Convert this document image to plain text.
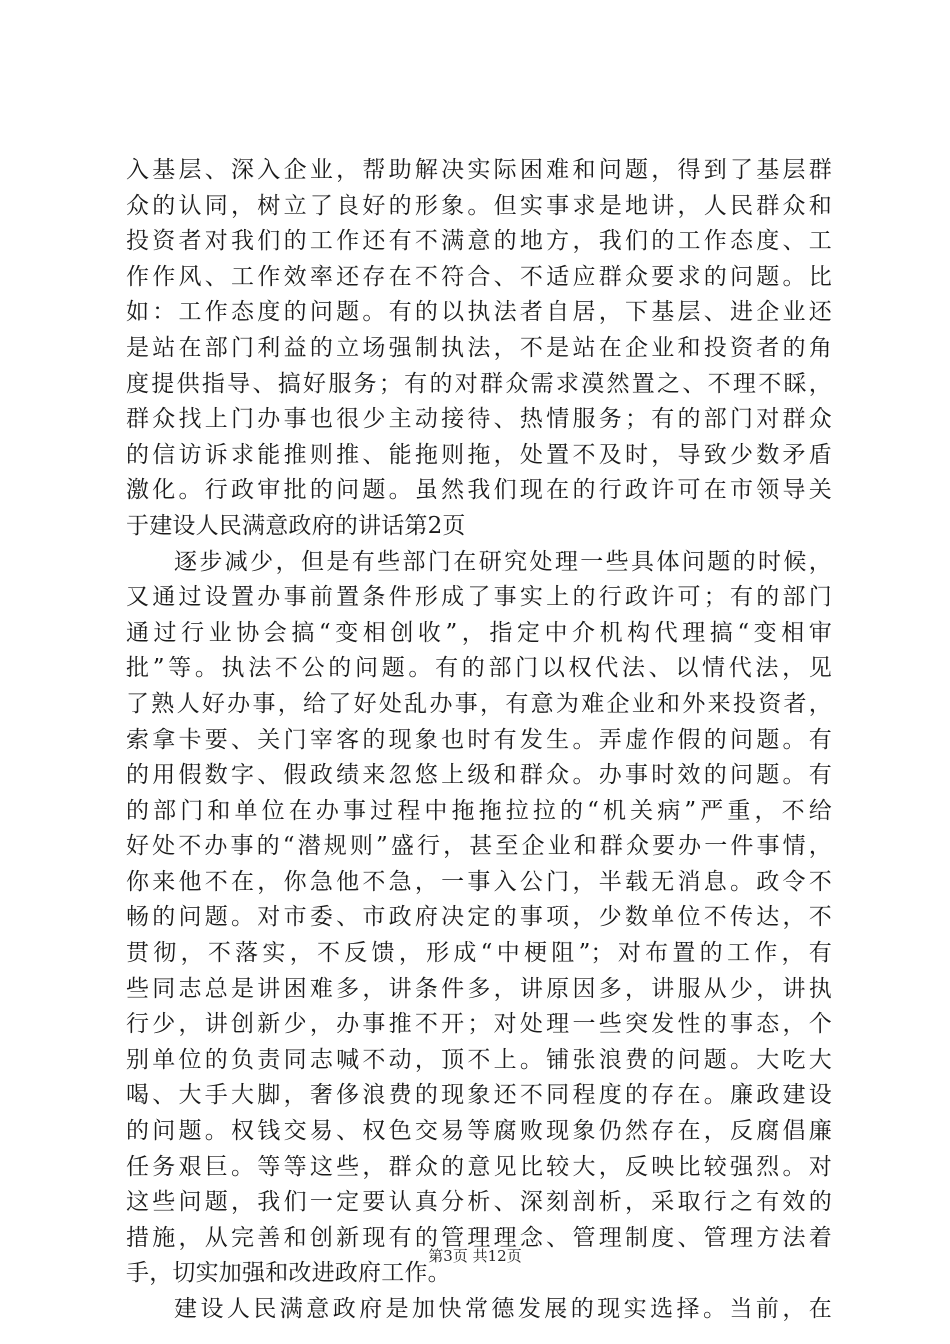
入基层、深入企业，帮助解决实际困难和问题，得到了基层群
众的认同，树立了良好的形象。但实事求是地讲，人民群众和
投资者对我们的工作还有不满意的地方，我们的工作态度、工
作作风、工作效率还存在不符合、不适应群众要求的问题。比
如：工作态度的问题。有的以执法者自居，下基层、进企业还
是站在部门利益的立场强制执法，不是站在企业和投资者的角
度提供指导、搞好服务；有的对群众需求漠然置之、不理不睬，
群众找上门办事也很少主动接待、热情服务；有的部门对群众
的信访诉求能推则推、能拖则拖，处置不及时，导致少数矛盾
激化。行政审批的问题。虽然我们现在的行政许可在市领导关
于建设人民满意政府的讲话第2页
逐步减少，但是有些部门在研究处理一些具体问题的时候，
又通过设置办事前置条件形成了事实上的行政许可；有的部门
通过行业协会搞“变相创收”，指定中介机构代理搞“变相审
批”等。执法不公的问题。有的部门以权代法、以情代法，见
了熟人好办事，给了好处乱办事，有意为难企业和外来投资者，
索拿卡要、关门宰客的现象也时有发生。弄虚作假的问题。有
的用假数字、假政绩来忽悠上级和群众。办事时效的问题。有
的部门和单位在办事过程中拖拖拉拉的“机关病”严重，不给
好处不办事的“潜规则”盛行，甚至企业和群众要办一件事情，
你来他不在，你急他不急，一事入公门，半载无消息。政令不
畅的问题。对市委、市政府决定的事项，少数单位不传达，不
贯彻，不落实，不反馈，形成“中梗阻”；对布置的工作，有
些同志总是讲困难多，讲条件多，讲原因多，讲服从少，讲执
行少，讲创新少，办事推不开；对处理一些突发性的事态，个
别单位的负责同志喊不动，顶不上。铺张浪费的问题。大吃大
喝、大手大脚，奢侈浪费的现象还不同程度的存在。廉政建设
的问题。权钱交易、权色交易等腐败现象仍然存在，反腐倡廉
任务艰巨。等等这些，群众的意见比较大，反映比较强烈。对
这些问题，我们一定要认真分析、深刻剖析，采取行之有效的
措施，从完善和创新现有的管理理念、管理制度、管理方法着
手，切实加强和改进政府工作。
建设人民满意政府是加快常德发展的现实选择。当前，在
第3页 共12页
